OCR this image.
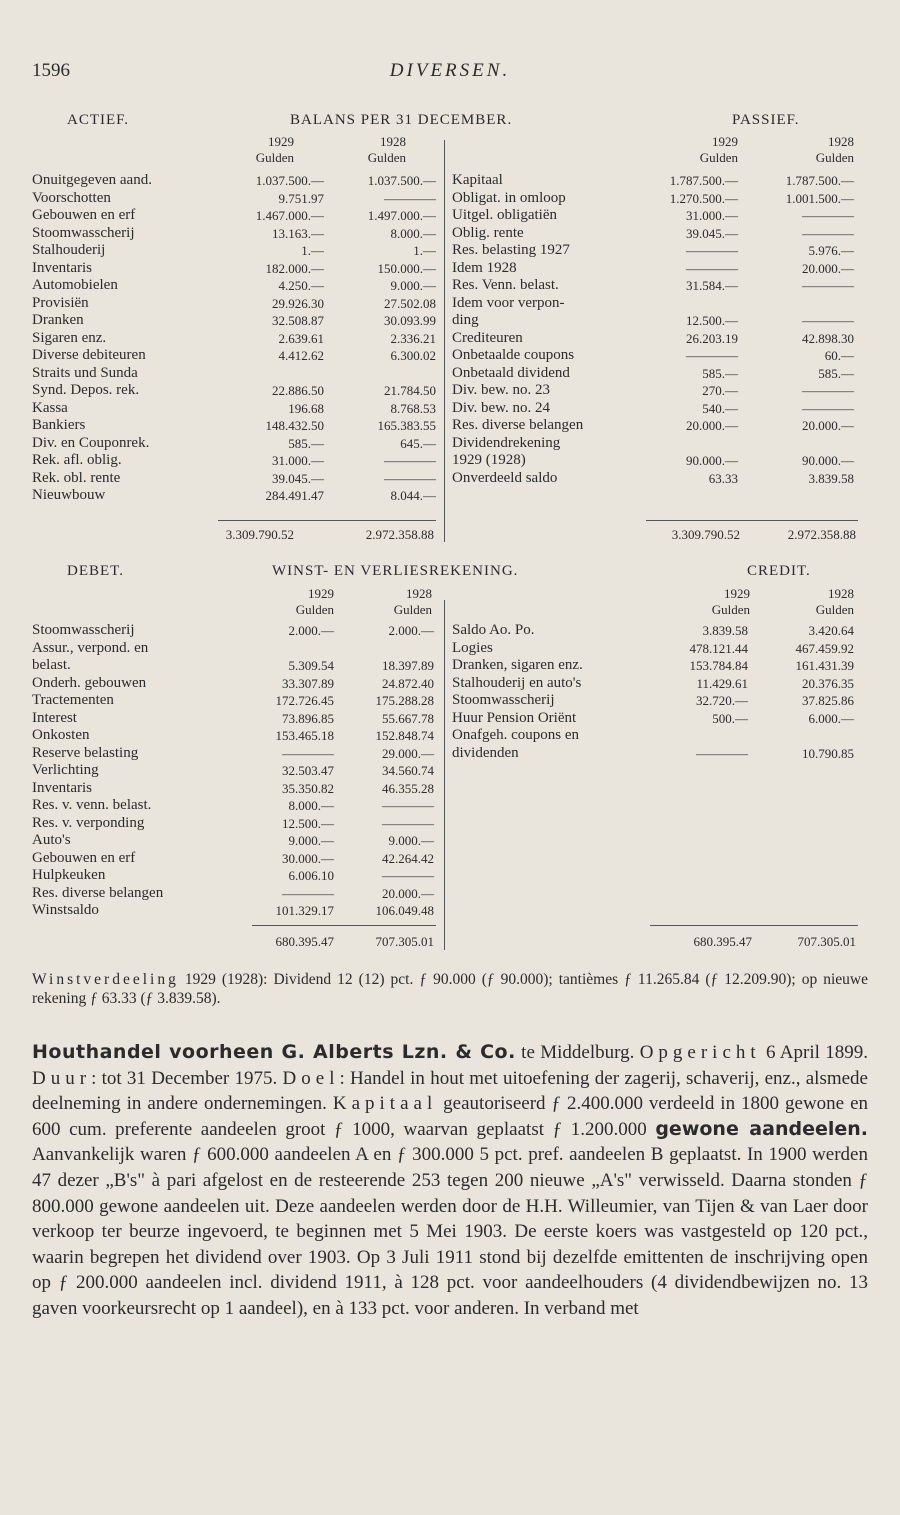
1596	DIVERSEN.
ACTIEF.	BALANS PER 31 DECEMBER.	PASSIEF.
1929
Gulden
1928
Gulden
1929
Gulden
1928
Gulden
Onuitgegeven aand.	1.037.500.—	1.037.500.—
Voorschotten	9.751.97	————
Gebouwen en erf	1.467.000.—	1.497.000.—
Stoomwasscherij	13.163.—	8.000.—
Stalhouderij	1.—	1.—
Inventaris	182.000.—	150.000.—
Automobielen	4.250.—	9.000.—
Provisiën	29.926.30	27.502.08
Dranken	32.508.87	30.093.99
Sigaren enz.	2.639.61	2.336.21
Diverse debiteuren	4.412.62	6.300.02
Straits und Sunda		
Synd. Depos. rek.	22.886.50	21.784.50
Kassa	196.68	8.768.53
Bankiers	148.432.50	165.383.55
Div. en Couponrek.	585.—	645.—
Rek. afl. oblig.	31.000.—	————
Rek. obl. rente	39.045.—	————
Nieuwbouw	284.491.47	8.044.—
Kapitaal	1.787.500.—	1.787.500.—
Obligat. in omloop	1.270.500.—	1.001.500.—
Uitgel. obligatiën	31.000.—	————
Oblig. rente	39.045.—	————
Res. belasting 1927	————	5.976.—
Idem 1928	————	20.000.—
Res. Venn. belast.	31.584.—	————
Idem voor verpon-		
ding	12.500.—	————
Crediteuren	26.203.19	42.898.30
Onbetaalde coupons	————	60.—
Onbetaald dividend	585.—	585.—
Div. bew. no. 23	270.—	————
Div. bew. no. 24	540.—	————
Res. diverse belangen	20.000.—	20.000.—
Dividendrekening		
1929 (1928)	90.000.—	90.000.—
Onverdeeld saldo	63.33	3.839.58
3.309.790.52	2.972.358.88	3.309.790.52	2.972.358.88
DEBET.	WINST- EN VERLIESREKENING.	CREDIT.
1929
Gulden
1928
Gulden
1929
Gulden
1928
Gulden
Stoomwasscherij	2.000.—	2.000.—
Assur., verpond. en		
belast.	5.309.54	18.397.89
Onderh. gebouwen	33.307.89	24.872.40
Tractementen	172.726.45	175.288.28
Interest	73.896.85	55.667.78
Onkosten	153.465.18	152.848.74
Reserve belasting	————	29.000.—
Verlichting	32.503.47	34.560.74
Inventaris	35.350.82	46.355.28
Res. v. venn. belast.	8.000.—	————
Res. v. verponding	12.500.—	————
Auto's	9.000.—	9.000.—
Gebouwen en erf	30.000.—	42.264.42
Hulpkeuken	6.006.10	————
Res. diverse belangen	————	20.000.—
Winstsaldo	101.329.17	106.049.48
Saldo Ao. Po.	3.839.58	3.420.64
Logies	478.121.44	467.459.92
Dranken, sigaren enz.	153.784.84	161.431.39
Stalhouderij en auto's	11.429.61	20.376.35
Stoomwasscherij	32.720.—	37.825.86
Huur Pension Oriënt	500.—	6.000.—
Onafgeh. coupons en		
dividenden	————	10.790.85
680.395.47	707.305.01	680.395.47	707.305.01
Winstverdeeling 1929 (1928): Dividend 12 (12) pct. ƒ 90.000 (ƒ 90.000); tantièmes ƒ 11.265.84 (ƒ 12.209.90); op nieuwe rekening ƒ 63.33 (ƒ 3.839.58).

Houthandel voorheen G. Alberts Lzn. & Co. te Middelburg. Opgericht 6 April 1899. Duur: tot 31 December 1975. Doel: Handel in hout met uitoefening der zagerij, schaverij, enz., alsmede deelneming in andere ondernemingen. Kapitaal geautoriseerd ƒ 2.400.000 verdeeld in 1800 gewone en 600 cum. preferente aandeelen groot ƒ 1000, waarvan geplaatst ƒ 1.200.000 gewone aandeelen. Aanvankelijk waren ƒ 600.000 aandeelen A en ƒ 300.000 5 pct. pref. aandeelen B geplaatst. In 1900 werden 47 dezer „B's" à pari afgelost en de resteerende 253 tegen 200 nieuwe „A's" verwisseld. Daarna stonden ƒ 800.000 gewone aandeelen uit. Deze aandeelen werden door de H.H. Willeumier, van Tijen & van Laer door verkoop ter beurze ingevoerd, te beginnen met 5 Mei 1903. De eerste koers was vastgesteld op 120 pct., waarin begrepen het dividend over 1903. Op 3 Juli 1911 stond bij dezelfde emittenten de inschrijving open op ƒ 200.000 aandeelen incl. dividend 1911, à 128 pct. voor aandeelhouders (4 dividendbewijzen no. 13 gaven voorkeursrecht op 1 aandeel), en à 133 pct. voor anderen. In verband met
